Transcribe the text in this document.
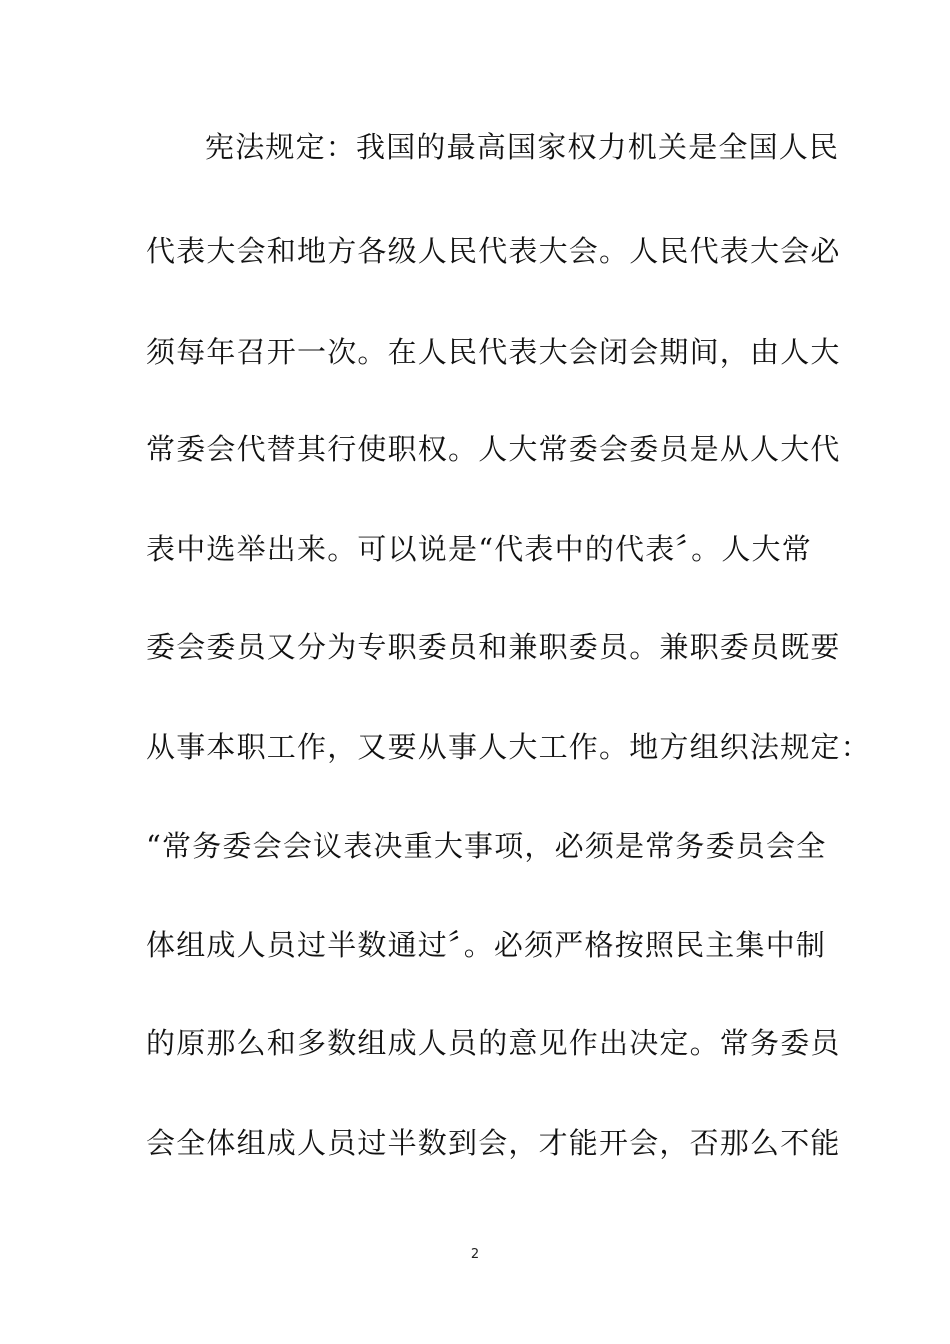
宪法规定：我国的最高国家权力机关是全国人民
代表大会和地方各级人民代表大会。人民代表大会必
须每年召开一次。在人民代表大会闭会期间，由人大
常委会代替其行使职权。人大常委会委员是从人大代
表中选举出来。可以说是“代表中的代表〞。人大常
委会委员又分为专职委员和兼职委员。兼职委员既要
从事本职工作，又要从事人大工作。地方组织法规定：
“常务委会会议表决重大事项，必须是常务委员会全
体组成人员过半数通过〞。必须严格按照民主集中制
的原那么和多数组成人员的意见作出决定。常务委员
会全体组成人员过半数到会，才能开会，否那么不能
2
